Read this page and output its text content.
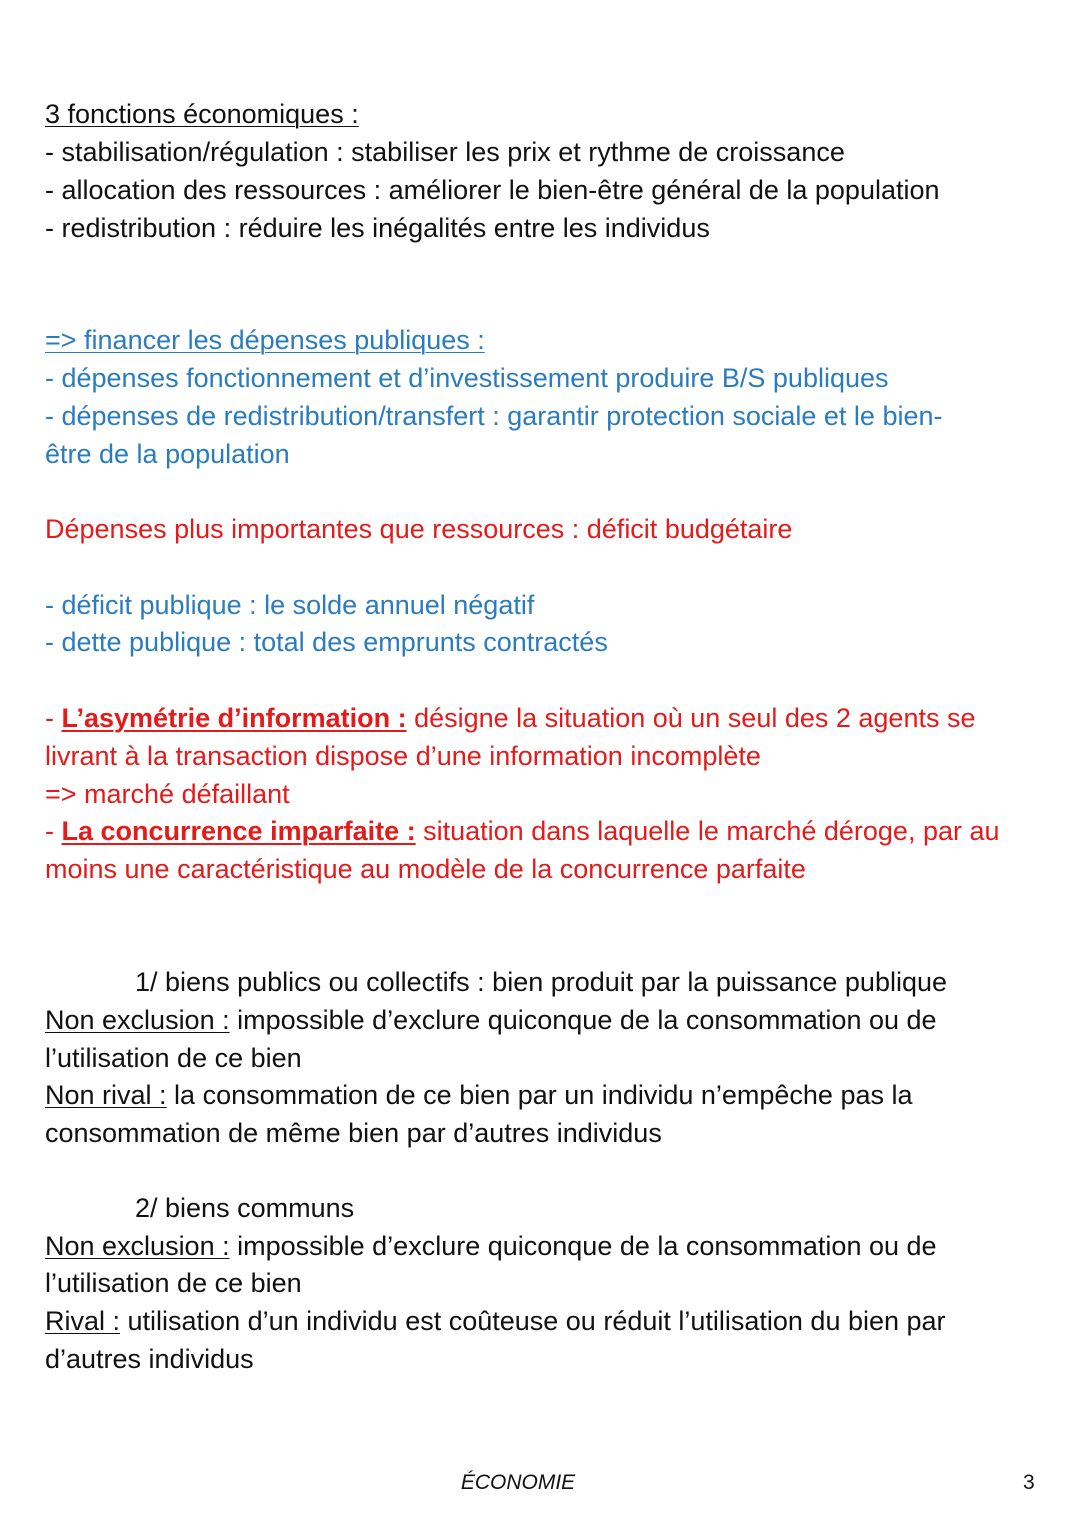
3 fonctions économiques :

- stabilisation/régulation : stabiliser les prix et rythme de croissance

- allocation des ressources : améliorer le bien-être général de la population

- redistribution : réduire les inégalités entre les individus

=> financer les dépenses publiques :

- dépenses fonctionnement et d’investissement produire B/S publiques

- dépenses de redistribution/transfert : garantir protection sociale et le bien-

être de la population

Dépenses plus importantes que ressources : déficit budgétaire

- déficit publique : le solde annuel négatif

- dette publique : total des emprunts contractés

- L’asymétrie d’information : désigne la situation où un seul des 2 agents se

livrant à la transaction dispose d’une information incomplète

=> marché défaillant

- La concurrence imparfaite : situation dans laquelle le marché déroge, par au

moins une caractéristique au modèle de la concurrence parfaite

1/ biens publics ou collectifs : bien produit par la puissance publique

Non exclusion : impossible d’exclure quiconque de la consommation ou de

l’utilisation de ce bien

Non rival : la consommation de ce bien par un individu n’empêche pas la

consommation de même bien par d’autres individus

2/ biens communs

Non exclusion : impossible d’exclure quiconque de la consommation ou de

l’utilisation de ce bien

Rival : utilisation d’un individu est coûteuse ou réduit l’utilisation du bien par

d’autres individus

ÉCONOMIE	3
